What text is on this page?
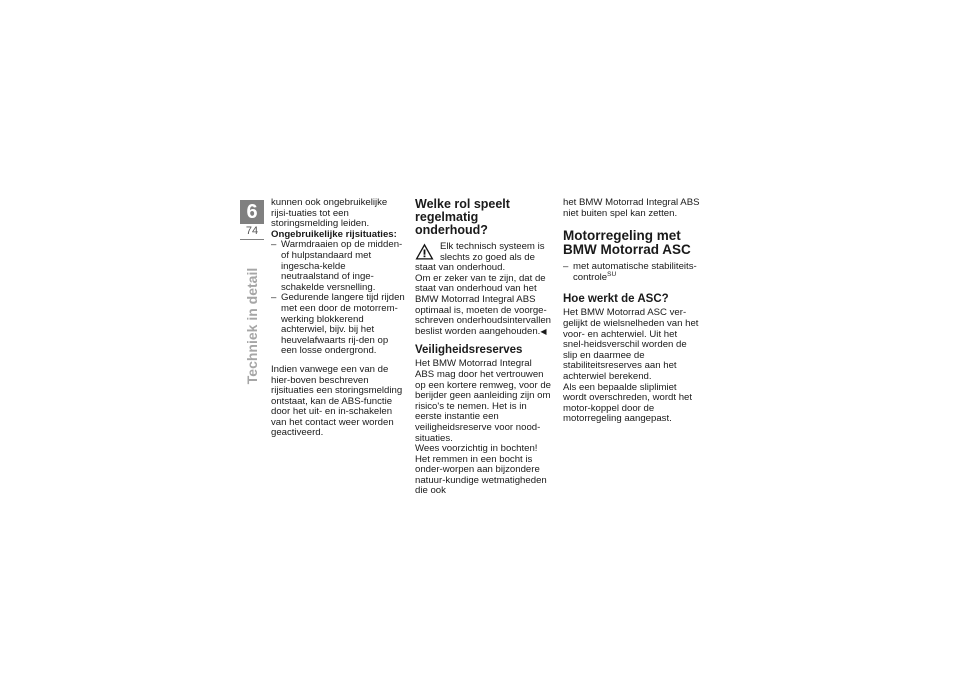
6
74
Techniek in detail

kunnen ook ongebruikelijke rijsi-tuaties tot een storingsmelding leiden.

Ongebruikelijke rijsituaties:

– Warmdraaien op de midden- of hulpstandaard met ingescha-kelde neutraalstand of inge-schakelde versnelling.
– Gedurende langere tijd rijden met een door de motorrem-werking blokkerend achterwiel, bijv. bij het heuvelafwaarts rij-den op een losse ondergrond.

Indien vanwege een van de hier-boven beschreven rijsituaties een storingsmelding ontstaat, kan de ABS-functie door het uit- en in-schakelen van het contact weer worden geactiveerd.

Welke rol speelt regelmatig onderhoud?

Elk technisch systeem is slechts zo goed als de staat van onderhoud.

Om er zeker van te zijn, dat de staat van onderhoud van het BMW Motorrad Integral ABS optimaal is, moeten de voorge-schreven onderhoudsintervallen beslist worden aangehouden.◀

Veiligheidsreserves

Het BMW Motorrad Integral ABS mag door het vertrouwen op een kortere remweg, voor de berijder geen aanleiding zijn om risico's te nemen. Het is in eerste instantie een veiligheidsreserve voor nood-situaties.

Wees voorzichtig in bochten! Het remmen in een bocht is onder-worpen aan bijzondere natuur-kundige wetmatigheden die ook

het BMW Motorrad Integral ABS niet buiten spel kan zetten.

Motorregeling met BMW Motorrad ASC
– met automatische stabiliteits-controle$^{SU}$
Hoe werkt de ASC?

Het BMW Motorrad ASC ver-gelijkt de wielsnelheden van het voor- en achterwiel. Uit het snel-heidsverschil worden de slip en daarmee de stabiliteitsreserves aan het achterwiel berekend.

Als een bepaalde sliplimiet wordt overschreden, wordt het motor-koppel door de motorregeling aangepast.
